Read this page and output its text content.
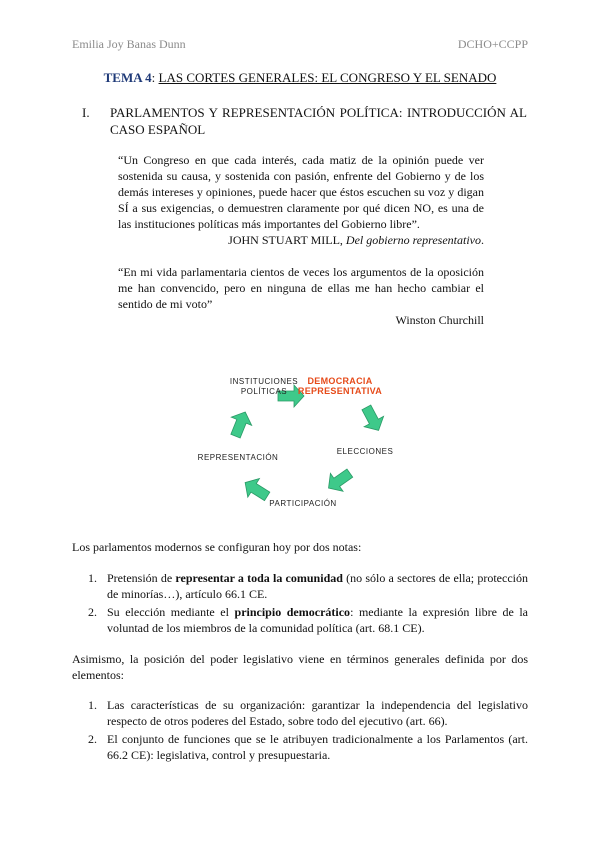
Emilia Joy Banas Dunn	DCHO+CCPP
TEMA 4: LAS CORTES GENERALES: EL CONGRESO Y EL SENADO
I. PARLAMENTOS Y REPRESENTACIÓN POLÍTICA: INTRODUCCIÓN AL CASO ESPAÑOL

“Un Congreso en que cada interés, cada matiz de la opinión puede ver sostenida su causa, y sostenida con pasión, enfrente del Gobierno y de los demás intereses y opiniones, puede hacer que éstos escuchen su voz y digan SÍ a sus exigencias, o demuestren claramente por qué dicen NO, es una de las instituciones políticas más importantes del Gobierno libre”.

JOHN STUART MILL, Del gobierno representativo.

“En mi vida parlamentaria cientos de veces los argumentos de la oposición me han convencido, pero en ninguna de ellas me han hecho cambiar el sentido de mi voto”

Winston Churchill

INSTITUCIONES
POLÍTICAS
DEMOCRACIA
REPRESENTATIVA
ELECCIONES
PARTICIPACIÓN
REPRESENTACIÓN

Los parlamentos modernos se configuran hoy por dos notas:

1. Pretensión de representar a toda la comunidad (no sólo a sectores de ella; protección de minorías…), artículo 66.1 CE.
2. Su elección mediante el principio democrático: mediante la expresión libre de la voluntad de los miembros de la comunidad política (art. 68.1 CE).

Asimismo, la posición del poder legislativo viene en términos generales definida por dos elementos:

1. Las características de su organización: garantizar la independencia del legislativo respecto de otros poderes del Estado, sobre todo del ejecutivo (art. 66).
2. El conjunto de funciones que se le atribuyen tradicionalmente a los Parlamentos (art. 66.2 CE): legislativa, control y presupuestaria.
